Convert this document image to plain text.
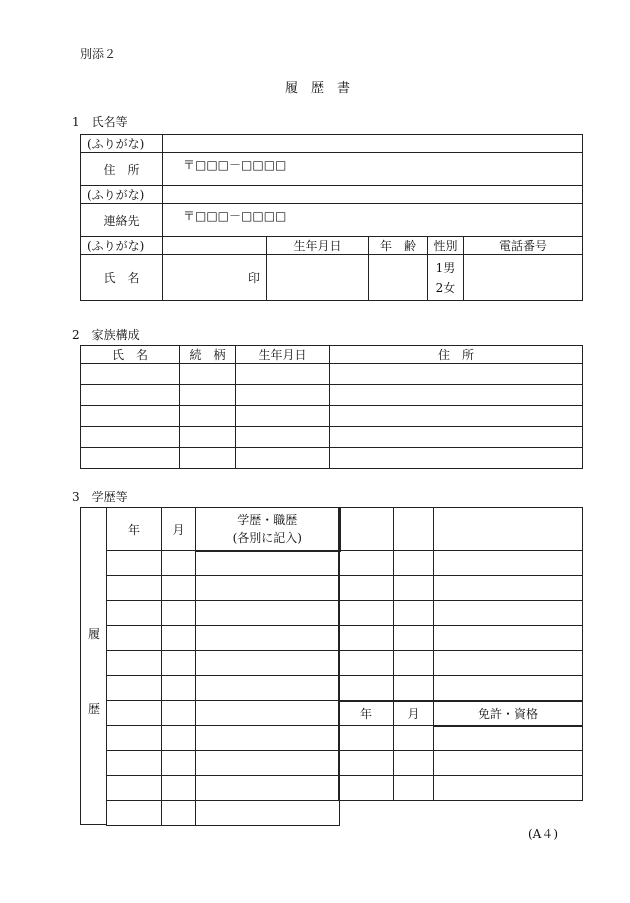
別添２
履　歴　書
1　氏名等
(ふりがな)					
住　所	〒□□□－□□□□				
(ふりがな)					
連絡先	〒□□□－□□□□				
(ふりがな)		生年月日	年　齢	性別	電話番号
氏　名	印			1男
2女	

2　家族構成
氏　名	続　柄	生年月日	住　所

3　学歴等
履
歴
年	月	学歴・職歴
(各別に記入)

年	月	免許・資格

(A４)
